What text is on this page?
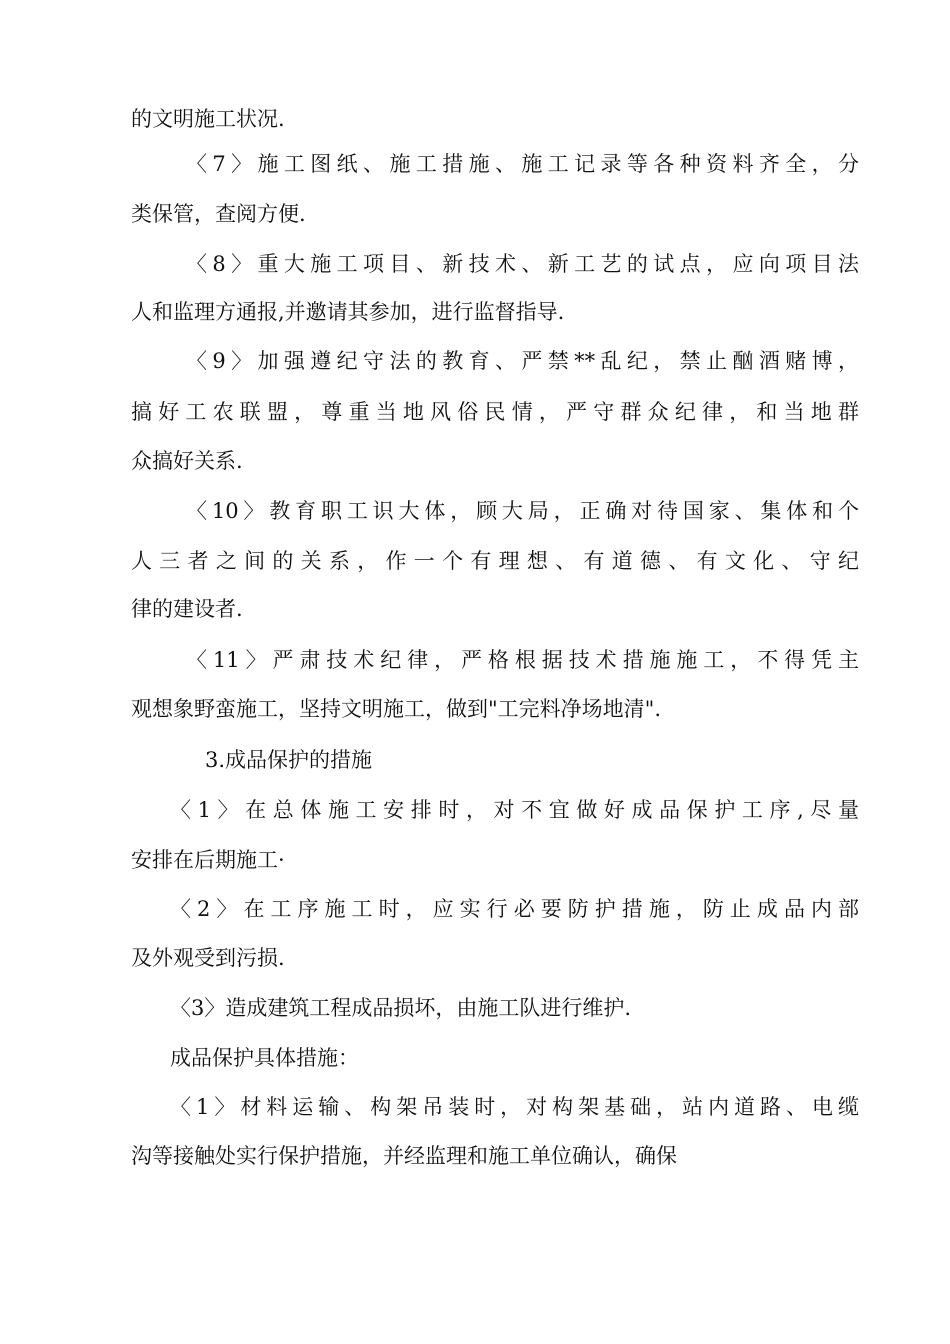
的文明施工状况.
〈7〉施工图纸、施工措施、施工记录等各种资料齐全，分
类保管，查阅方便.
〈8〉重大施工项目、新技术、新工艺的试点，应向项目法
人和监理方通报,并邀请其参加，进行监督指导.
〈9〉加强遵纪守法的教育、严禁**乱纪，禁止酗酒赌博，
搞好工农联盟，尊重当地风俗民情，严守群众纪律，和当地群
众搞好关系.
〈10〉教育职工识大体，顾大局，正确对待国家、集体和个
人三者之间的关系，作一个有理想、有道德、有文化、守纪
律的建设者.
〈11〉严肃技术纪律，严格根据技术措施施工，不得凭主
观想象野蛮施工，坚持文明施工，做到"工完料净场地清".
3.成品保护的措施
〈1〉在总体施工安排时，对不宜做好成品保护工序,尽量
安排在后期施工·
〈2〉在工序施工时，应实行必要防护措施，防止成品内部
及外观受到污损.
〈3〉造成建筑工程成品损坏，由施工队进行维护.
成品保护具体措施：
〈1〉材料运输、构架吊装时，对构架基础，站内道路、电缆
沟等接触处实行保护措施，并经监理和施工单位确认，确保
